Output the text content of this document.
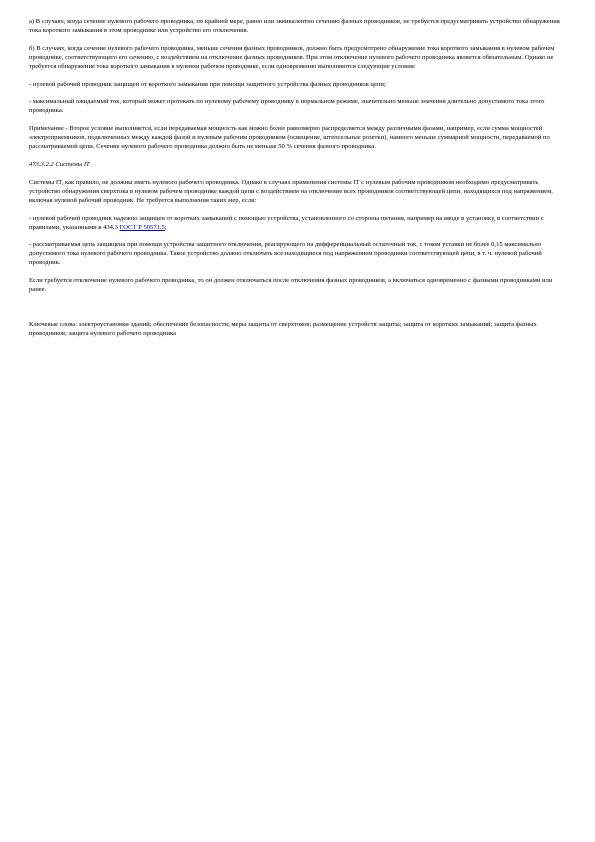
а) В случаях, когда сечение нулевого рабочего проводника, по крайней мере, равно или эквивалентно сечению фазных проводников, не требуется предусматривать устройство обнаружения тока короткого замыкания в этом проводнике или устройство его отключения.

б) В случаях, когда сечение нулевого рабочего проводника, меньше сечения фазных проводников, должно быть предусмотрено обнаружение тока короткого замыкания в нулевом рабочем проводнике, соответствующего его сечению, с воздействием на отключение фазных проводников. При этом отключение нулевого рабочего проводника является обязательным. Однако не требуется обнаружение тока короткого замыкания в нулевом рабочем проводнике, если одновременно выполняются следующие условия:

- нулевой рабочий проводник защищен от короткого замыкания при помощи защитного устройства фазных проводников цепи;

- максимальный ожидаемый ток, который может протекать по нулевому рабочему проводнику в нормальном режиме, значительно меньше значения длительно допустимого тока этого проводника.

Примечание - Второе условие выполняется, если передаваемая мощность как можно более равномерно распределяется между различными фазами, например, если сумма мощностей электроприемников, подключенных между каждой фазой и нулевым рабочим проводником (освещение, штепсельные розетки), намного меньше суммарной мощности, передаваемой по рассматриваемой цепи. Сечение нулевого рабочего проводника должно быть не меньше 50 % сечения фазного проводника.

473.3.2.2 Системы IT

Системы IT, как правило, не должны иметь нулевого рабочего проводника. Однако в случаях применения системы IT с нулевым рабочим проводником необходимо предусматривать устройство обнаружения сверхтока в нулевом рабочем проводнике каждой цепи с воздействием на отключение всех проводников соответствующей цепи, находящихся под напряжением, включая нулевой рабочий проводник. Не требуется выполнения таких мер, если:

- нулевой рабочий проводник надежно защищен от коротких замыканий с помощью устройства, установленного со стороны питания, например на вводе в установку, в соответствии с правилами, указанными в 434.3 ГОСТ Р 50571.5;

- рассматриваемая цепь защищена при помощи устройства защитного отключения, реагирующего на дифференциальный остаточный ток, с током уставки не более 0,15 максимально допустимого тока нулевого рабочего проводника. Такое устройство должно отключать все находящиеся под напряжением проводники соответствующей цепи, в т. ч. нулевой рабочий проводник.

Если требуется отключение нулевого рабочего проводника, то он должен отключаться после отключения фазных проводников, а включаться одновременно с фазными проводниками или ранее.

Ключевые слова: электроустановки зданий; обеспечение безопасности; меры защиты от сверхтоков; размещение устройств защиты; защита от коротких замыканий; защита фазных проводников; защита нулевого рабочего проводника
